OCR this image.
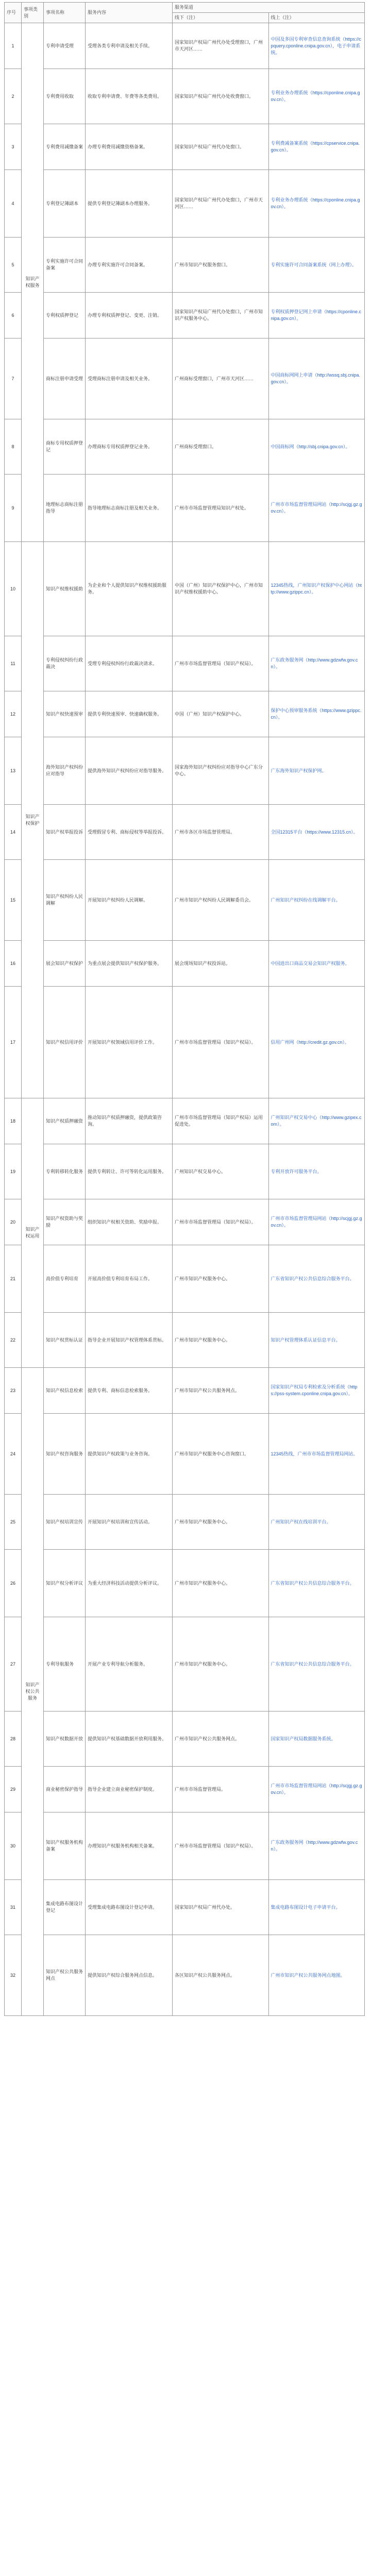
序号	事项类别	事项名称	服务内容	服务渠道	
				线下（注）	线上（注）
1	知识产权服务	专利申请受理	受理各类专利申请及相关手续。	国家知识产权局广州代办处受理窗口，广州市天河区……	中国及多国专利审查信息查询系统（https://cpquery.cponline.cnipa.gov.cn），电子申请系统。
2		专利费用收取	收取专利申请费、年费等各类费用。	国家知识产权局广州代办处收费窗口。	专利业务办理系统（https://cponline.cnipa.gov.cn）。
3		专利费用减缴备案	办理专利费用减缴资格备案。	国家知识产权局广州代办处窗口。	专利费减备案系统（https://cpservice.cnipa.gov.cn）。
4		专利登记簿副本	提供专利登记簿副本办理服务。	国家知识产权局广州代办处窗口，广州市天河区……	专利业务办理系统（https://cponline.cnipa.gov.cn）。
5		专利实施许可合同备案	办理专利实施许可合同备案。	广州市知识产权服务窗口。	专利实施许可合同备案系统（网上办理）。
6		专利权质押登记	办理专利权质押登记、变更、注销。	国家知识产权局广州代办处窗口，广州市知识产权服务中心。	专利权质押登记网上申请（https://cponline.cnipa.gov.cn）。
7		商标注册申请受理	受理商标注册申请及相关业务。	广州商标受理窗口，广州市天河区……	中国商标网网上申请（http://wssq.sbj.cnipa.gov.cn）。
8		商标专用权质押登记	办理商标专用权质押登记业务。	广州商标受理窗口。	中国商标网（http://sbj.cnipa.gov.cn）。
9		地理标志商标注册指导	指导地理标志商标注册及相关业务。	广州市市场监督管理局知识产权处。	广州市市场监督管理局网站（http://scjgj.gz.gov.cn）。
10	知识产权保护	知识产权维权援助	为企业和个人提供知识产权维权援助服务。	中国（广州）知识产权保护中心，广州市知识产权维权援助中心。	12345热线，广州知识产权保护中心网站（http://www.gzippc.cn）。
11		专利侵权纠纷行政裁决	受理专利侵权纠纷行政裁决请求。	广州市市场监督管理局（知识产权局）。	广东政务服务网（http://www.gdzwfw.gov.cn）。
12		知识产权快速预审	提供专利快速预审、快速确权服务。	中国（广州）知识产权保护中心。	保护中心预审服务系统（https://www.gzippc.cn）。
13		海外知识产权纠纷应对指导	提供海外知识产权纠纷应对指导服务。	国家海外知识产权纠纷应对指导中心广东分中心。	广东海外知识产权保护网。
14		知识产权举报投诉	受理假冒专利、商标侵权等举报投诉。	广州市各区市场监督管理局。	全国12315平台（https://www.12315.cn）。
15		知识产权纠纷人民调解	开展知识产权纠纷人民调解。	广州市知识产权纠纷人民调解委员会。	广州知识产权纠纷在线调解平台。
16		展会知识产权保护	为重点展会提供知识产权保护服务。	展会现场知识产权投诉站。	中国进出口商品交易会知识产权服务。
17		知识产权信用评价	开展知识产权领域信用评价工作。	广州市市场监督管理局（知识产权局）。	信用广州网（http://credit.gz.gov.cn）。
18	知识产权运用	知识产权质押融资	推动知识产权质押融资，提供政策咨询。	广州市市场监督管理局（知识产权局）运用促进处。	广州知识产权交易中心（http://www.gzipex.com）。
19		专利转移转化服务	提供专利转让、许可等转化运用服务。	广州知识产权交易中心。	专利开放许可服务平台。
20		知识产权资助与奖励	组织知识产权相关资助、奖励申报。	广州市市场监督管理局（知识产权局）。	广州市市场监督管理局网站（http://scjgj.gz.gov.cn）。
21		高价值专利培育	开展高价值专利培育布局工作。	广州市知识产权服务中心。	广东省知识产权公共信息综合服务平台。
22		知识产权贯标认证	指导企业开展知识产权管理体系贯标。	广州市知识产权服务中心。	知识产权管理体系认证信息平台。
23	知识产权公共服务	知识产权信息检索	提供专利、商标信息检索服务。	广州市知识产权公共服务网点。	国家知识产权局专利检索及分析系统（https://pss-system.cponline.cnipa.gov.cn）。
24		知识产权咨询服务	提供知识产权政策与业务咨询。	广州市知识产权服务中心咨询窗口。	12345热线，广州市市场监督管理局网站。
25		知识产权培训宣传	开展知识产权培训和宣传活动。	广州市知识产权服务中心。	广州知识产权在线培训平台。
26		知识产权分析评议	为重大经济科技活动提供分析评议。	广州市知识产权服务中心。	广东省知识产权公共信息综合服务平台。
27		专利导航服务	开展产业专利导航分析服务。	广州市知识产权服务中心。	广东省知识产权公共信息综合服务平台。
28		知识产权数据开放	提供知识产权基础数据开放利用服务。	广州市知识产权公共服务网点。	国家知识产权局数据服务系统。
29		商业秘密保护指导	指导企业建立商业秘密保护制度。	广州市市场监督管理局。	广州市市场监督管理局网站（http://scjgj.gz.gov.cn）。
30		知识产权服务机构备案	办理知识产权服务机构相关备案。	广州市市场监督管理局（知识产权局）。	广东政务服务网（http://www.gdzwfw.gov.cn）。
31		集成电路布图设计登记	受理集成电路布图设计登记申请。	国家知识产权局广州代办处。	集成电路布图设计电子申请平台。
32		知识产权公共服务网点	提供知识产权综合服务网点信息。	各区知识产权公共服务网点。	广州市知识产权公共服务网点地图。
